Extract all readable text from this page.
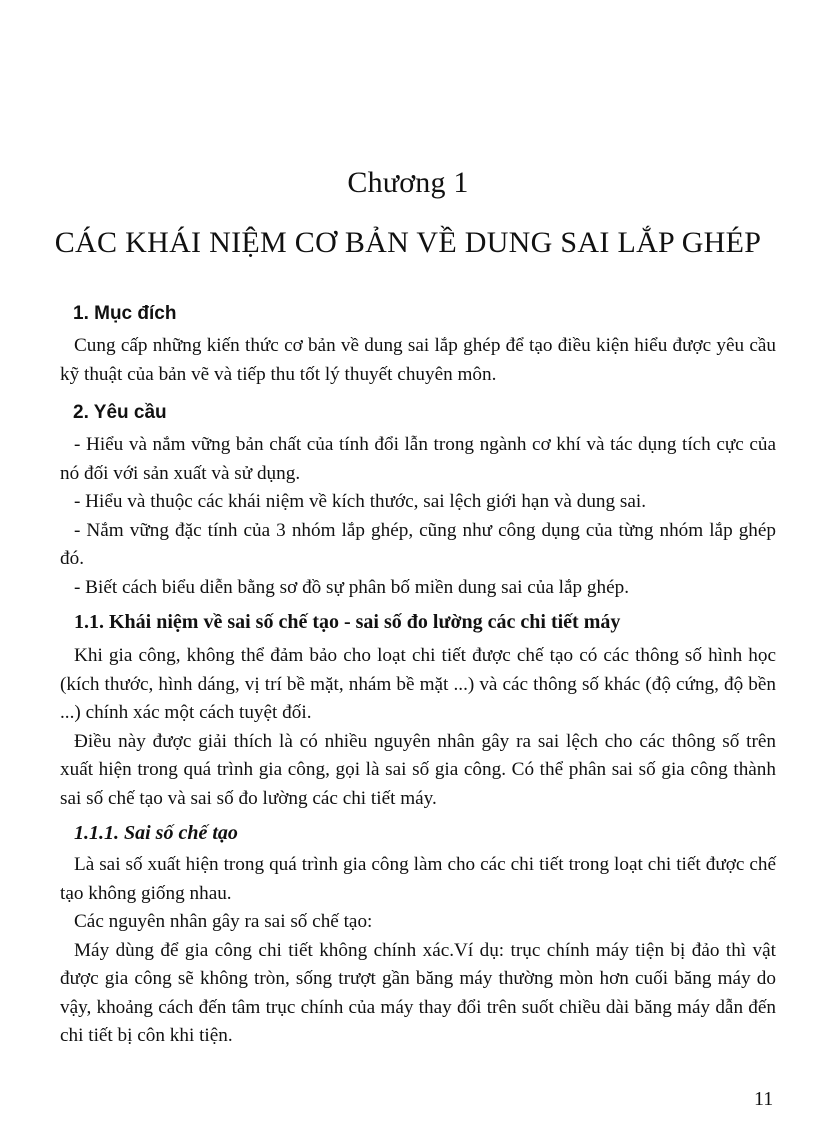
Chương 1
CÁC KHÁI NIỆM CƠ BẢN VỀ DUNG SAI LẮP GHÉP
1. Mục đích

Cung cấp những kiến thức cơ bản về dung sai lắp ghép để tạo điều kiện hiểu được yêu cầu kỹ thuật của bản vẽ và tiếp thu tốt lý thuyết chuyên môn.

2. Yêu cầu

- Hiểu và nắm vững bản chất của tính đổi lẫn trong ngành cơ khí và tác dụng tích cực của nó đối với sản xuất và sử dụng.

- Hiểu và thuộc các khái niệm về kích thước, sai lệch giới hạn và dung sai.

- Nắm vững đặc tính của 3 nhóm lắp ghép, cũng như công dụng của từng nhóm lắp ghép đó.

- Biết cách biểu diễn bằng sơ đồ sự phân bố miền dung sai của lắp ghép.

1.1. Khái niệm về sai số chế tạo - sai số đo lường các chi tiết máy

Khi gia công, không thể đảm bảo cho loạt chi tiết được chế tạo có các thông số hình học (kích thước, hình dáng, vị trí bề mặt, nhám bề mặt ...) và các thông số khác (độ cứng, độ bền ...) chính xác một cách tuyệt đối.

Điều này được giải thích là có nhiều nguyên nhân gây ra sai lệch cho các thông số trên xuất hiện trong quá trình gia công, gọi là sai số gia công. Có thể phân sai số gia công thành sai số chế tạo và sai số đo lường các chi tiết máy.

1.1.1. Sai số chế tạo

Là sai số xuất hiện trong quá trình gia công làm cho các chi tiết trong loạt chi tiết được chế tạo không giống nhau.

Các nguyên nhân gây ra sai số chế tạo:

Máy dùng để gia công chi tiết không chính xác.Ví dụ: trục chính máy tiện bị đảo thì vật được gia công sẽ không tròn, sống trượt gần băng máy thường mòn hơn cuối băng máy do vậy, khoảng cách đến tâm trục chính của máy thay đổi trên suốt chiều dài băng máy dẫn đến chi tiết bị côn khi tiện.

11
